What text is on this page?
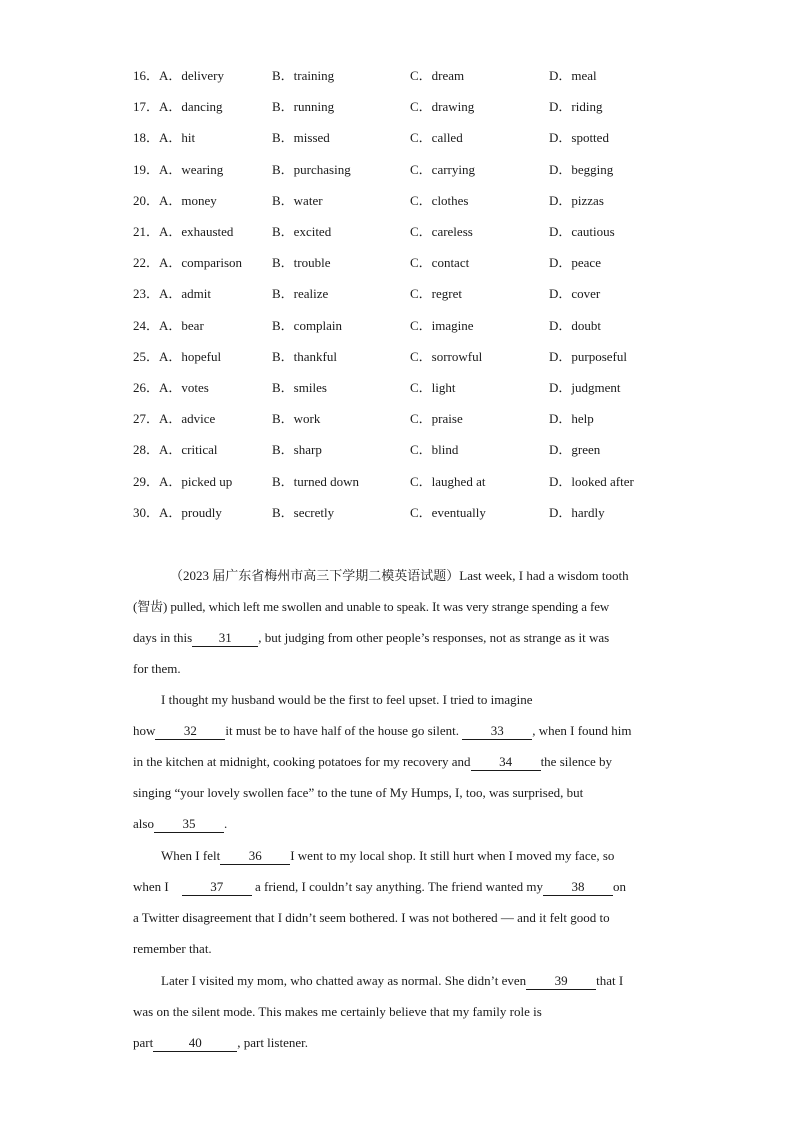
16．A．delivery	B．training	C．dream	D．meal
17．A．dancing	B．running	C．drawing	D．riding
18．A．hit	B．missed	C．called	D．spotted
19．A．wearing	B．purchasing	C．carrying	D．begging
20．A．money	B．water	C．clothes	D．pizzas
21．A．exhausted	B．excited	C．careless	D．cautious
22．A．comparison B．trouble	C．contact	D．peace
23．A．admit	B．realize	C．regret	D．cover
24．A．bear	B．complain	C．imagine	D．doubt
25．A．hopeful	B．thankful	C．sorrowful	D．purposeful
26．A．votes	B．smiles	C．light	D．judgment
27．A．advice	B．work	C．praise	D．help
28．A．critical	B．sharp	C．blind	D．green
29．A．picked up	B．turned down	C．laughed at	D．looked after
30．A．proudly	B．secretly	C．eventually	D．hardly
（2023 届广东省梅州市高三下学期二模英语试题）Last week, I had a wisdom tooth
(智齿) pulled, which left me swollen and unable to speak. It was very strange spending a few
days in this 31 , but judging from other people’s responses, not as strange as it was
for them.
I thought my husband would be the first to feel upset. I tried to imagine
how 32 it must be to have half of the house go silent. 33 , when I found him
in the kitchen at midnight, cooking potatoes for my recovery and 34 the silence by
singing “your lovely swollen face” to the tune of My Humps, I, too, was surprised, but
also 35 .
When I felt 36 I went to my local shop. It still hurt when I moved my face, so
when I	37 a friend, I couldn’t say anything. The friend wanted my 38 on
a Twitter disagreement that I didn’t seem bothered. I was not bothered — and it felt good to
remember that.
Later I visited my mom, who chatted away as normal. She didn’t even 39 that I
was on the silent mode. This makes me certainly believe that my family role is
part	40	, part listener.
